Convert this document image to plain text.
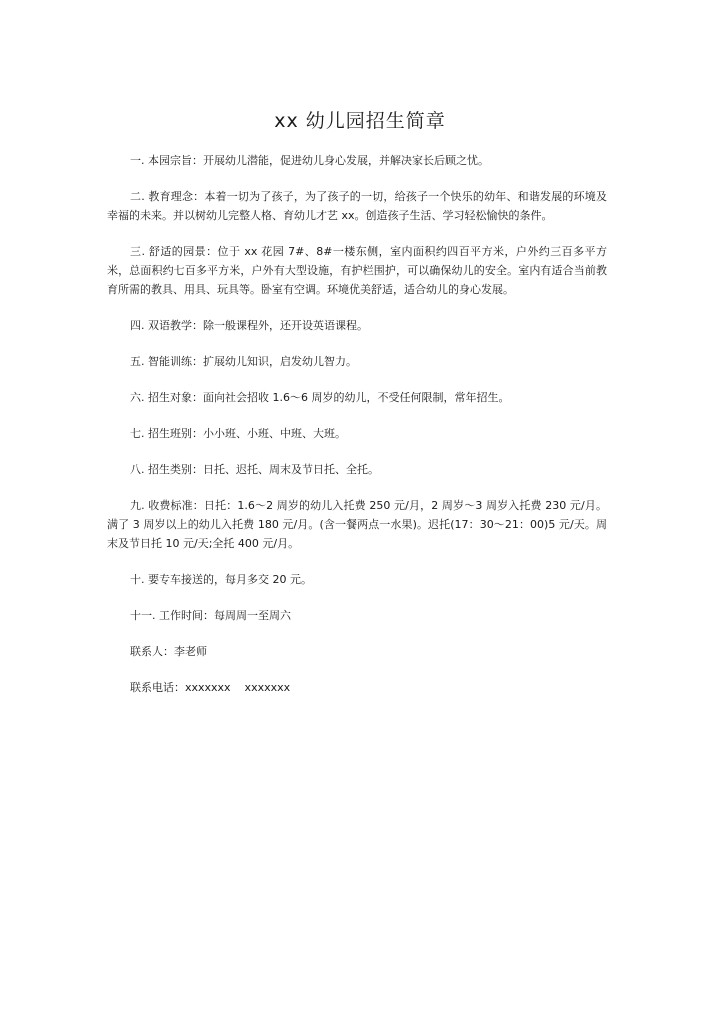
xx 幼儿园招生简章

一. 本园宗旨：开展幼儿潜能，促进幼儿身心发展，并解决家长后顾之忧。

二. 教育理念：本着一切为了孩子，为了孩子的一切，给孩子一个快乐的幼年、和谐发展的环境及幸福的未来。并以树幼儿完整人格、育幼儿才艺 xx。创造孩子生活、学习轻松愉快的条件。

三. 舒适的园景：位于 xx 花园 7#、8#一楼东侧，室内面积约四百平方米，户外约三百多平方米，总面积约七百多平方米，户外有大型设施，有护栏围护，可以确保幼儿的安全。室内有适合当前教育所需的教具、用具、玩具等。卧室有空调。环境优美舒适，适合幼儿的身心发展。

四. 双语教学：除一般课程外，还开设英语课程。

五. 智能训练：扩展幼儿知识，启发幼儿智力。

六. 招生对象：面向社会招收 1.6～6 周岁的幼儿，不受任何限制，常年招生。

七. 招生班别：小小班、小班、中班、大班。

八. 招生类别：日托、迟托、周末及节日托、全托。

九. 收费标准：日托：1.6～2 周岁的幼儿入托费 250 元/月，2 周岁～3 周岁入托费 230 元/月。满了 3 周岁以上的幼儿入托费 180 元/月。(含一餐两点一水果)。迟托(17：30～21：00)5 元/天。周末及节日托 10 元/天;全托 400 元/月。

十. 要专车接送的，每月多交 20 元。

十一. 工作时间：每周周一至周六

联系人：李老师

联系电话：xxxxxxx    xxxxxxx
